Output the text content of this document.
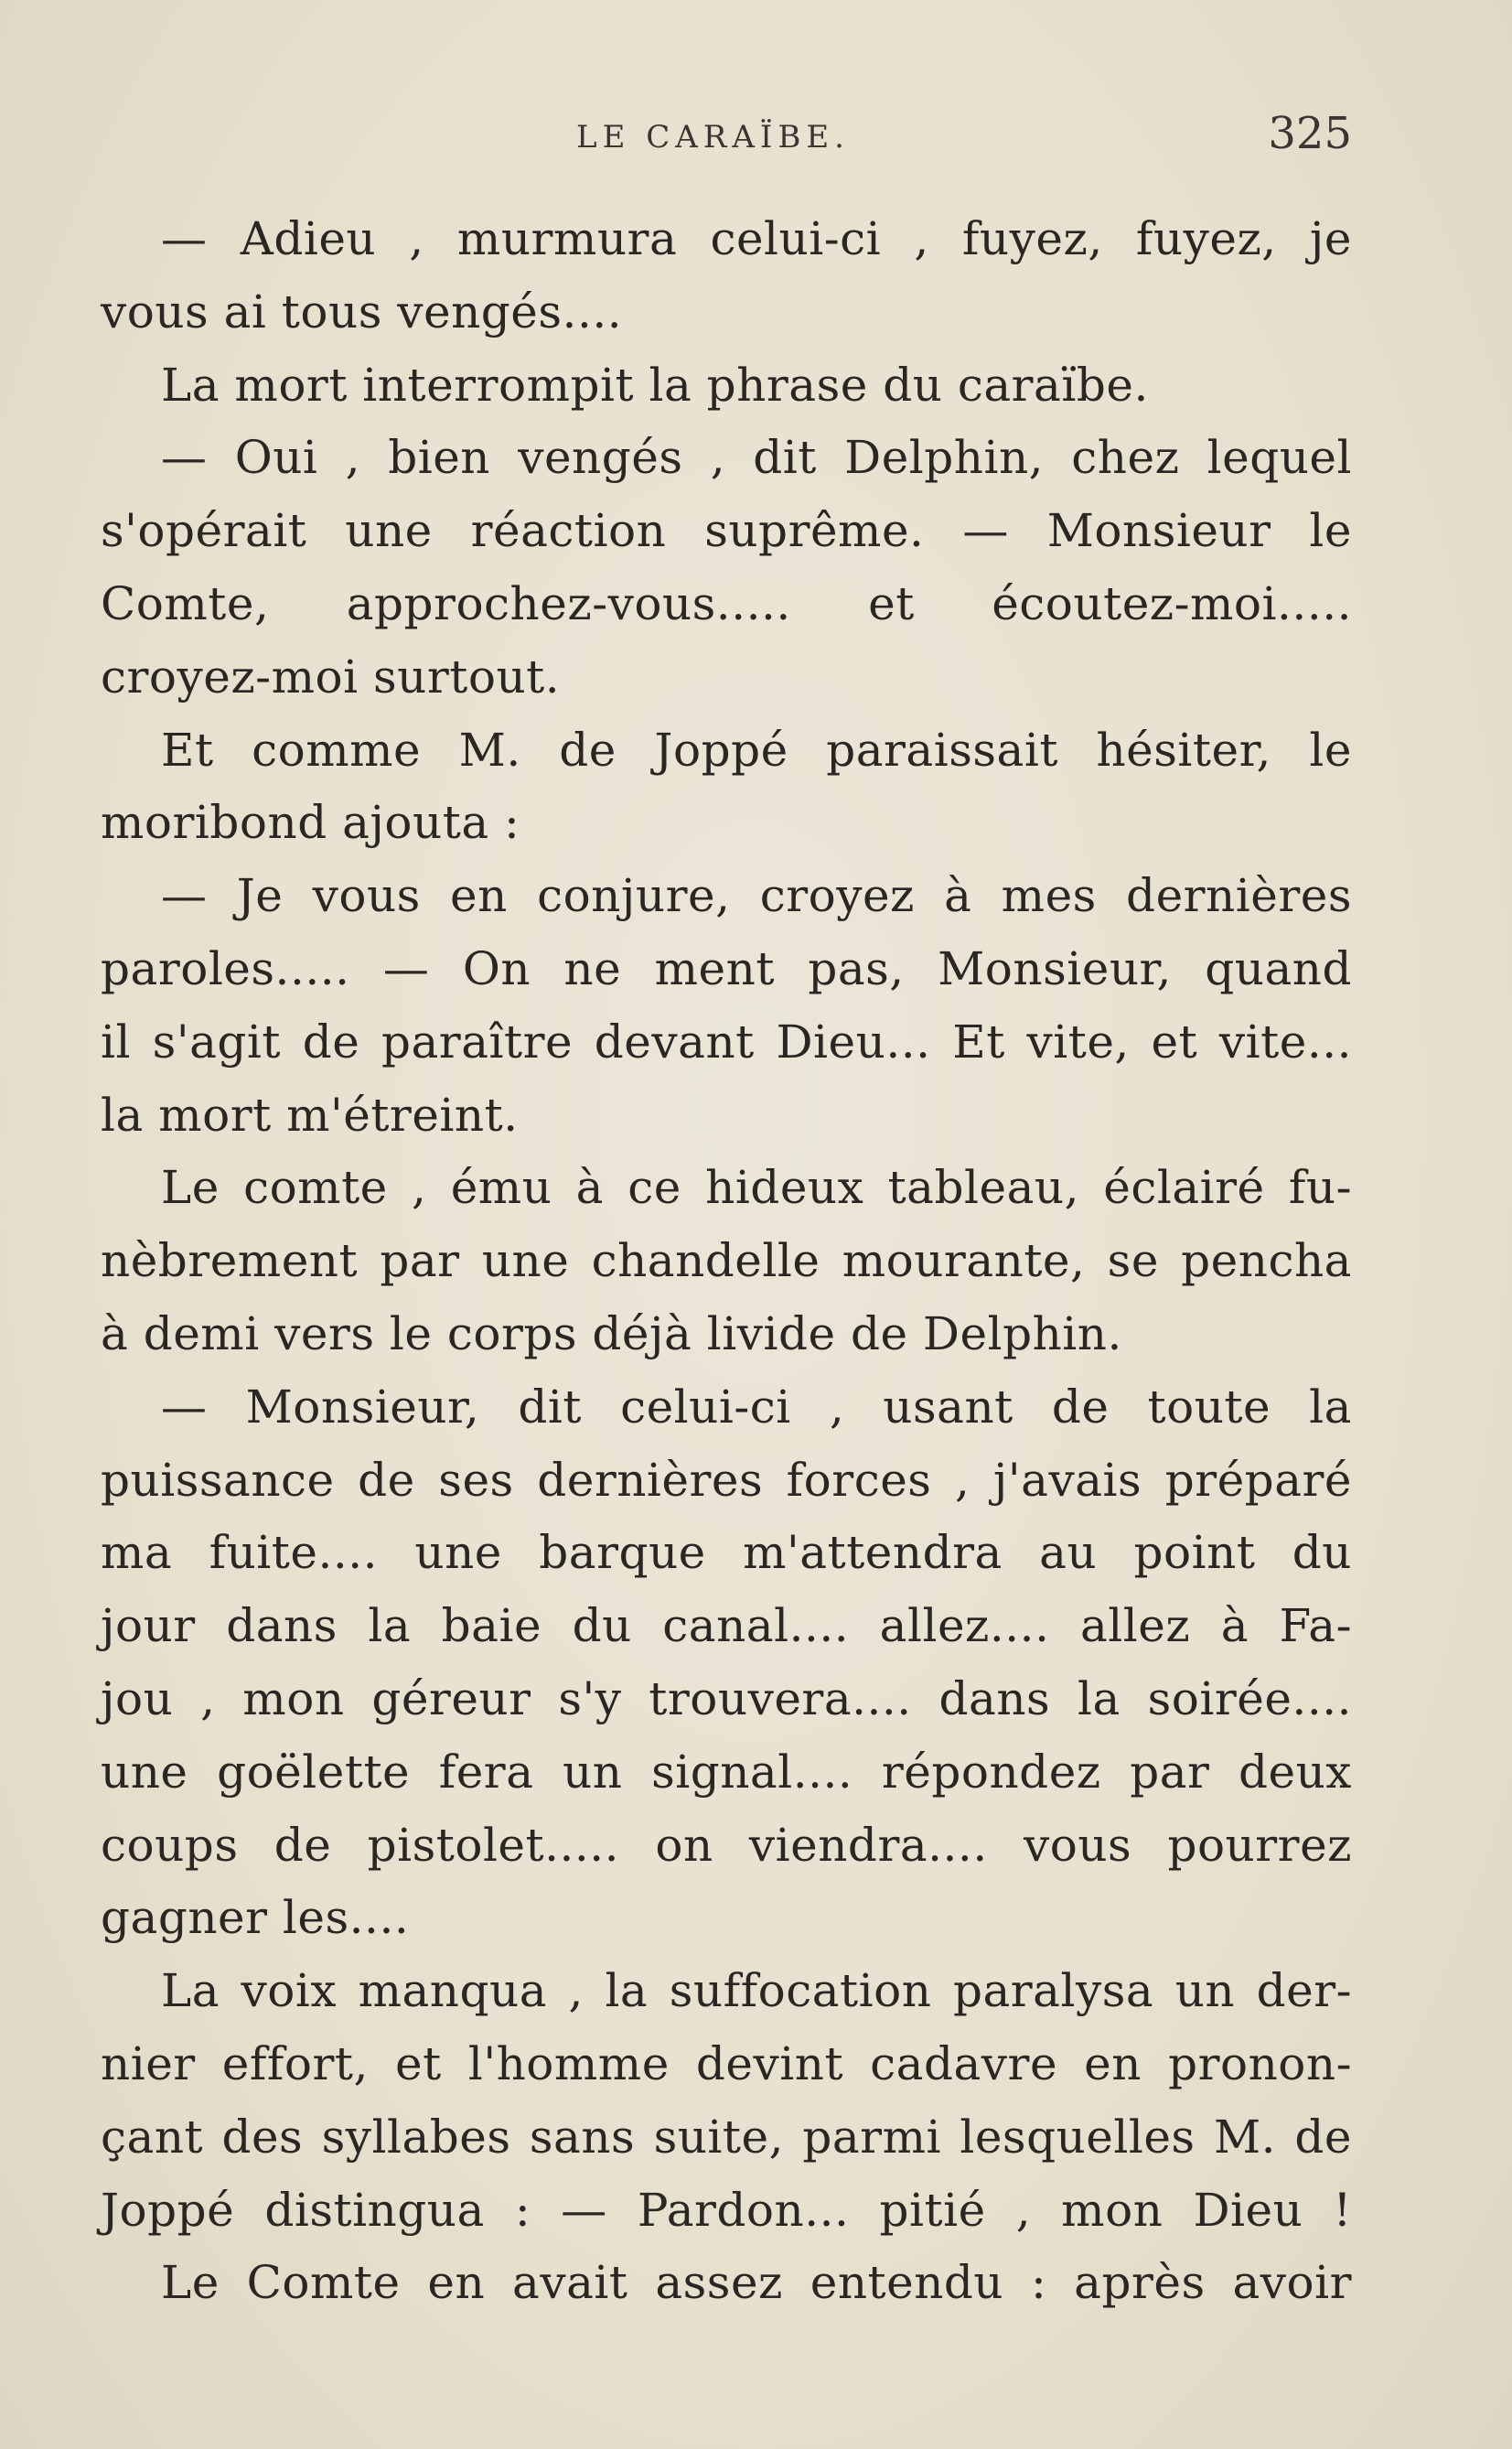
LE CARAÏBE.	325
— Adieu , murmura celui-ci , fuyez, fuyez, je
vous ai tous vengés....
La mort interrompit la phrase du caraïbe.
— Oui , bien vengés , dit Delphin, chez lequel
s'opérait une réaction suprême. — Monsieur le
Comte, approchez-vous..... et écoutez-moi.....
croyez-moi surtout.
Et comme M. de Joppé paraissait hésiter, le
moribond ajouta :
— Je vous en conjure, croyez à mes dernières
paroles..... — On ne ment pas, Monsieur, quand
il s'agit de paraître devant Dieu... Et vite, et vite...
la mort m'étreint.
Le comte , ému à ce hideux tableau, éclairé fu-
nèbrement par une chandelle mourante, se pencha
à demi vers le corps déjà livide de Delphin.
— Monsieur, dit celui-ci , usant de toute la
puissance de ses dernières forces , j'avais préparé
ma fuite.... une barque m'attendra au point du
jour dans la baie du canal.... allez.... allez à Fa-
jou , mon géreur s'y trouvera.... dans la soirée....
une goëlette fera un signal.... répondez par deux
coups de pistolet..... on viendra.... vous pourrez
gagner les....
La voix manqua , la suffocation paralysa un der-
nier effort, et l'homme devint cadavre en pronon-
çant des syllabes sans suite, parmi lesquelles M. de
Joppé distingua : — Pardon... pitié , mon Dieu !
Le Comte en avait assez entendu : après avoir
